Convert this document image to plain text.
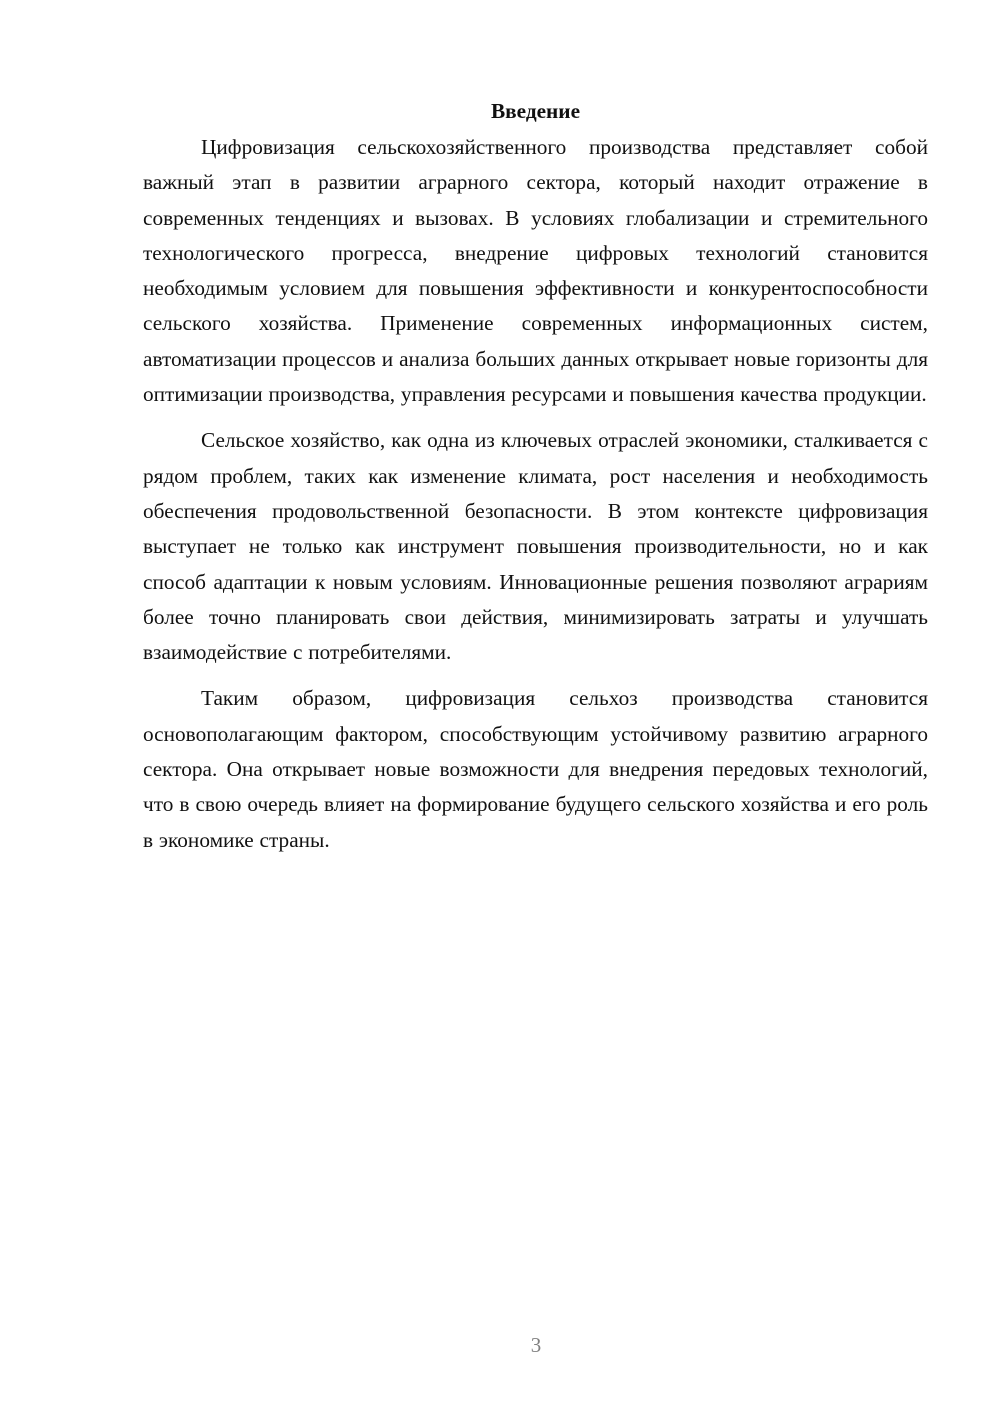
Введение

Цифровизация сельскохозяйственного производства представляет собой важный этап в развитии аграрного сектора, который находит отражение в современных тенденциях и вызовах. В условиях глобализации и стремительного технологического прогресса, внедрение цифровых технологий становится необходимым условием для повышения эффективности и конкурентоспособности сельского хозяйства. Применение современных информационных систем, автоматизации процессов и анализа больших данных открывает новые горизонты для оптимизации производства, управления ресурсами и повышения качества продукции.

Сельское хозяйство, как одна из ключевых отраслей экономики, сталкивается с рядом проблем, таких как изменение климата, рост населения и необходимость обеспечения продовольственной безопасности. В этом контексте цифровизация выступает не только как инструмент повышения производительности, но и как способ адаптации к новым условиям. Инновационные решения позволяют аграриям более точно планировать свои действия, минимизировать затраты и улучшать взаимодействие с потребителями.

Таким образом, цифровизация сельхоз производства становится основополагающим фактором, способствующим устойчивому развитию аграрного сектора. Она открывает новые возможности для внедрения передовых технологий, что в свою очередь влияет на формирование будущего сельского хозяйства и его роль в экономике страны.

3
